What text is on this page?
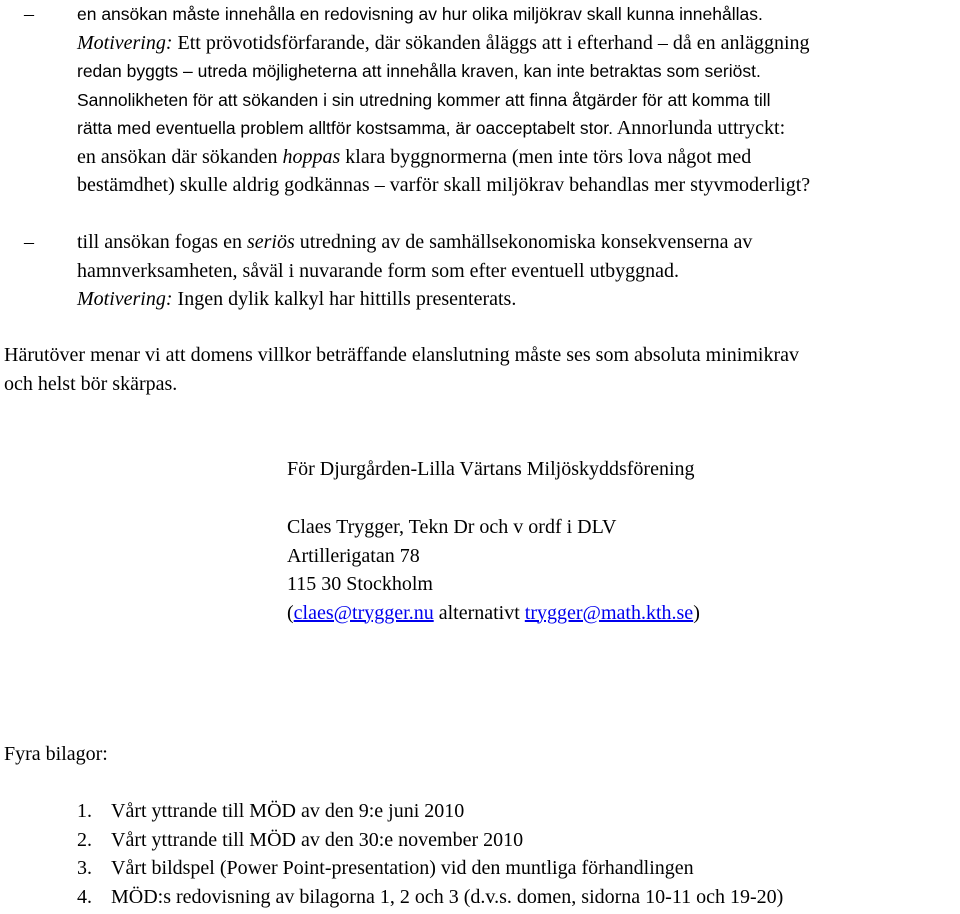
– en ansökan måste innehålla en redovisning av hur olika miljökrav skall kunna innehållas.
Motivering: Ett prövotidsförfarande, där sökanden åläggs att i efterhand – då en anläggning
redan byggts – utreda möjligheterna att innehålla kraven, kan inte betraktas som seriöst.
Sannolikheten för att sökanden i sin utredning kommer att finna åtgärder för att komma till
rätta med eventuella problem alltför kostsamma, är oacceptabelt stor. Annorlunda uttryckt:
en ansökan där sökanden hoppas klara byggnormerna (men inte törs lova något med
bestämdhet) skulle aldrig godkännas – varför skall miljökrav behandlas mer styvmoderligt?
– till ansökan fogas en seriös utredning av de samhällsekonomiska konsekvenserna av
hamnverksamheten, såväl i nuvarande form som efter eventuell utbyggnad.
Motivering: Ingen dylik kalkyl har hittills presenterats.
Härutöver menar vi att domens villkor beträffande elanslutning måste ses som absoluta minimikrav
och helst bör skärpas.
För Djurgården-Lilla Värtans Miljöskyddsförening
Claes Trygger, Tekn Dr och v ordf i DLV
Artillerigatan 78
115 30 Stockholm
(claes@trygger.nu alternativt trygger@math.kth.se)
Fyra bilagor:
1. Vårt yttrande till MÖD av den 9:e juni 2010
2. Vårt yttrande till MÖD av den 30:e november 2010
3. Vårt bildspel (Power Point-presentation) vid den muntliga förhandlingen
4. MÖD:s redovisning av bilagorna 1, 2 och 3 (d.v.s. domen, sidorna 10-11 och 19-20)
